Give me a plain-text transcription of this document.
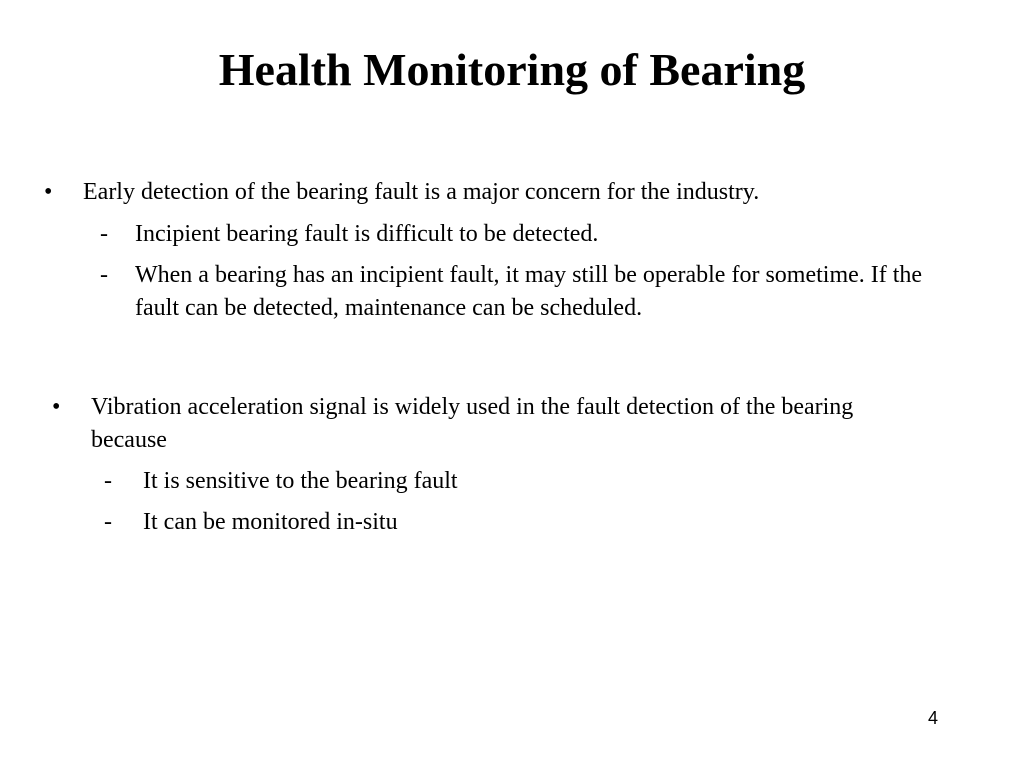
Health Monitoring of Bearing
•	Early detection of the bearing fault is a major concern for the industry.
-	Incipient bearing fault is difficult to be detected.
-	When a bearing has an incipient fault, it may still be operable for sometime. If the fault can be detected, maintenance can be scheduled.
•	Vibration acceleration signal is widely used in the fault detection of the bearing because
-	It is sensitive to the bearing fault
-	It can be monitored in-situ
4
